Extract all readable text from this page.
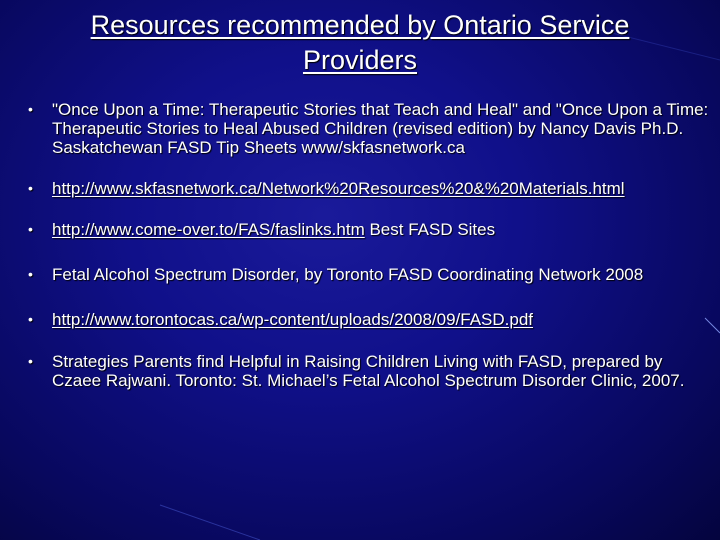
Resources recommended by Ontario Service Providers
• "Once Upon a Time: Therapeutic Stories that Teach and Heal" and "Once Upon a Time: Therapeutic Stories to Heal Abused Children (revised edition) by Nancy Davis Ph.D. Saskatchewan FASD Tip Sheets www/skfasnetwork.ca
• http://www.skfasnetwork.ca/Network%20Resources%20&%20Materials.html
• http://www.come-over.to/FAS/faslinks.htm Best FASD Sites
• Fetal Alcohol Spectrum Disorder, by Toronto FASD Coordinating Network 2008
• http://www.torontocas.ca/wp-content/uploads/2008/09/FASD.pdf
• Strategies Parents find Helpful in Raising Children Living with FASD, prepared by Czaee Rajwani. Toronto: St. Michael’s Fetal Alcohol Spectrum Disorder Clinic, 2007.
